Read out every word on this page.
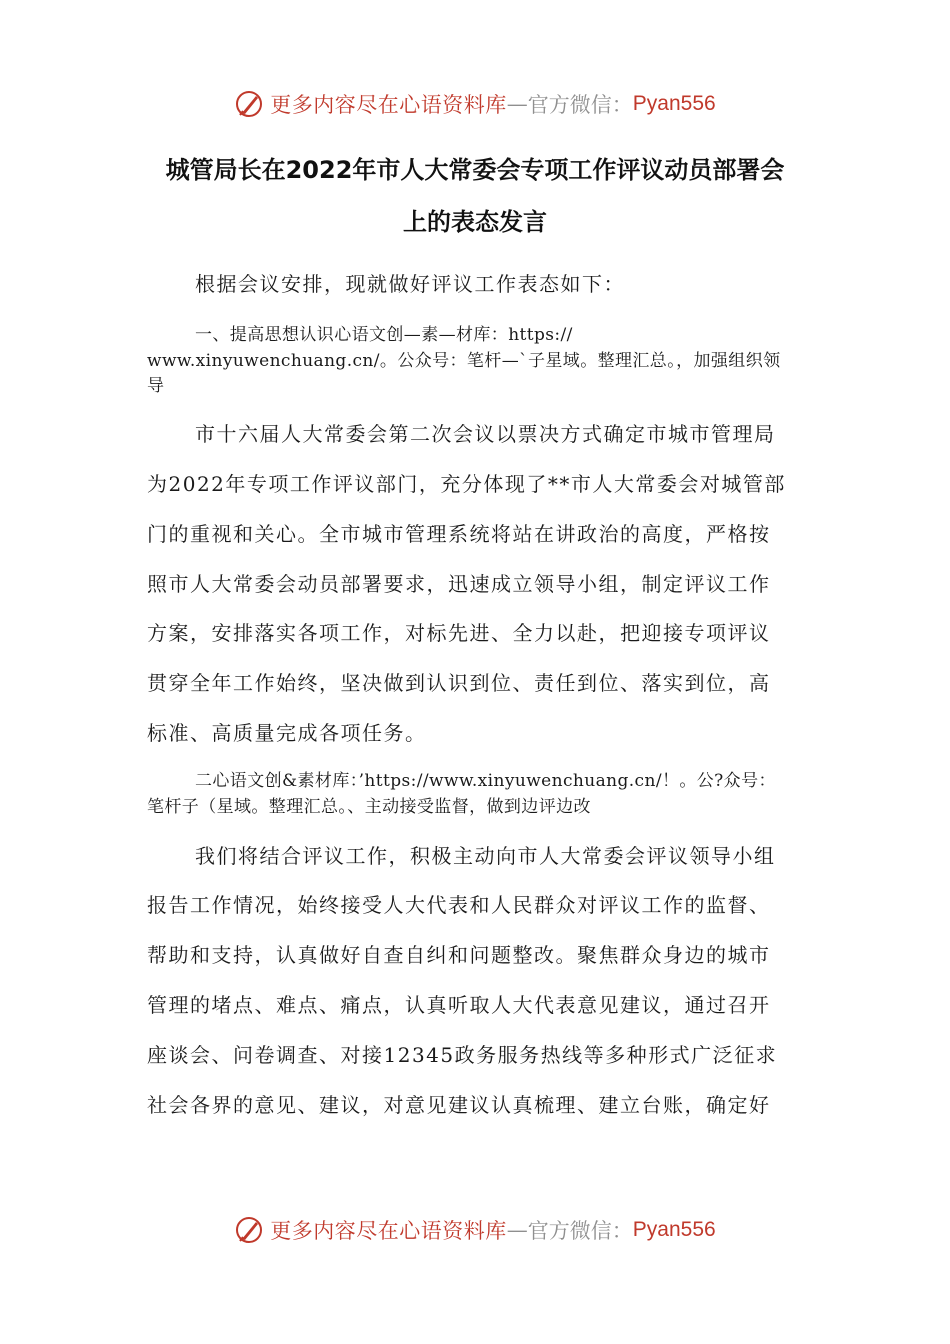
更多内容尽在心语资料库 — 官方微信： Pyan556
城管局长在2022年市人大常委会专项工作评议动员部署会
上的表态发言

根据会议安排，现就做好评议工作表态如下：

一、提高思想认识心语文创—素—材库：https://

www.xinyuwenchuang.cn/。公众号：笔杆—`子星域。整理汇总。，加强组织领

导

市十六届人大常委会第二次会议以票决方式确定市城市管理局

为2022年专项工作评议部门，充分体现了**市人大常委会对城管部

门的重视和关心。全市城市管理系统将站在讲政治的高度，严格按

照市人大常委会动员部署要求，迅速成立领导小组，制定评议工作

方案，安排落实各项工作，对标先进、全力以赴，把迎接专项评议

贯穿全年工作始终，坚决做到认识到位、责任到位、落实到位，高

标准、高质量完成各项任务。

二心语文创&素材库：’https://www.xinyuwenchuang.cn/！。公?众号：

笔杆子（星域。整理汇总。、主动接受监督，做到边评边改

我们将结合评议工作，积极主动向市人大常委会评议领导小组

报告工作情况，始终接受人大代表和人民群众对评议工作的监督、

帮助和支持，认真做好自查自纠和问题整改。聚焦群众身边的城市

管理的堵点、难点、痛点，认真听取人大代表意见建议，通过召开

座谈会、问卷调查、对接12345政务服务热线等多种形式广泛征求

社会各界的意见、建议，对意见建议认真梳理、建立台账，确定好

更多内容尽在心语资料库 — 官方微信： Pyan556
